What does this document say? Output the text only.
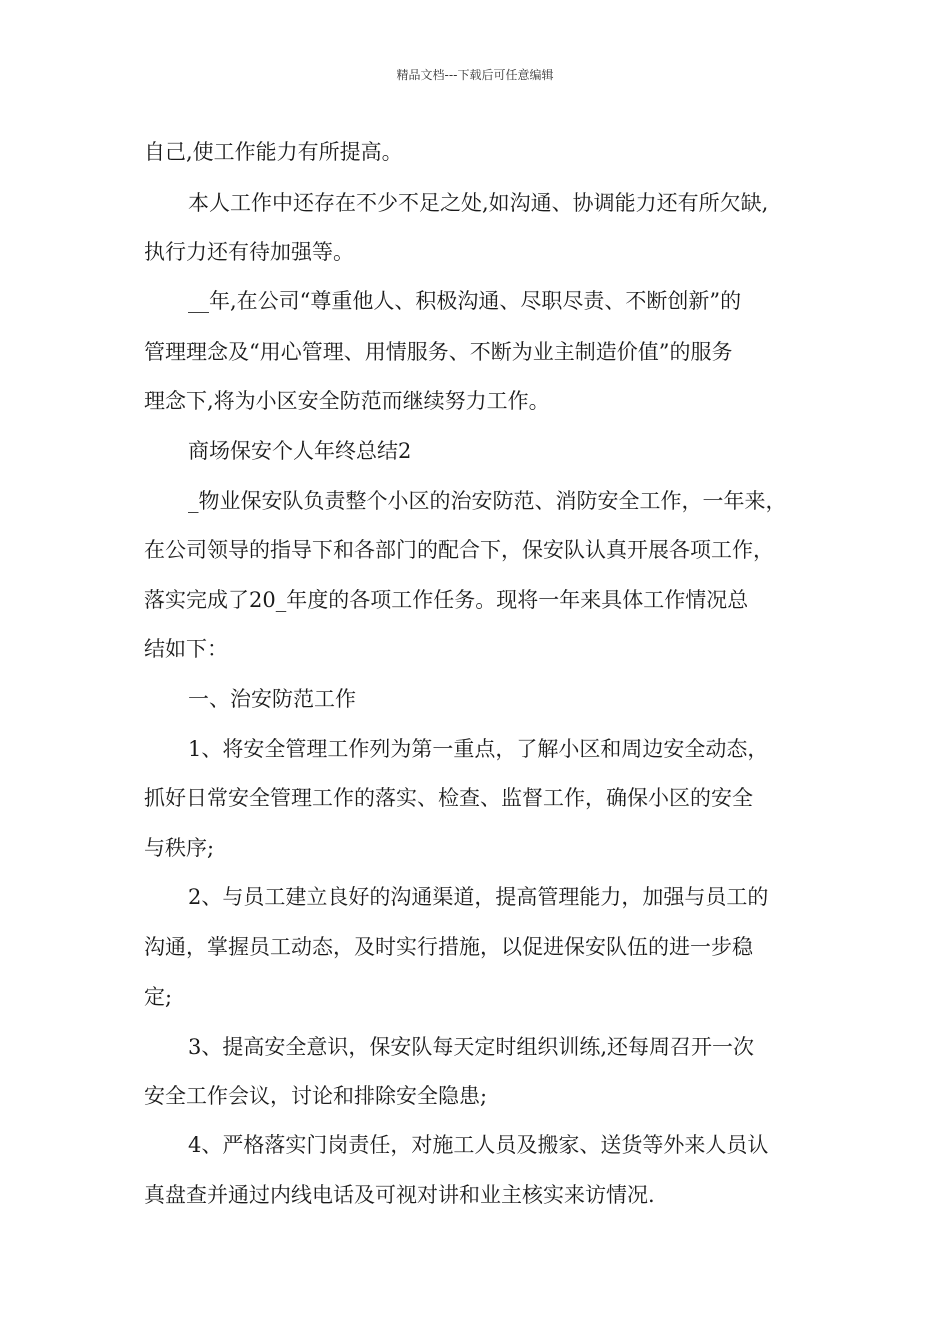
精品文档---下载后可任意编辑
自己,使工作能力有所提高。
本人工作中还存在不少不足之处,如沟通、协调能力还有所欠缺,
执行力还有待加强等。
__年,在公司“尊重他人、积极沟通、尽职尽责、不断创新”的
管理理念及“用心管理、用情服务、不断为业主制造价值”的服务
理念下,将为小区安全防范而继续努力工作。
商场保安个人年终总结2
_物业保安队负责整个小区的治安防范、消防安全工作，一年来，
在公司领导的指导下和各部门的配合下，保安队认真开展各项工作，
落实完成了20_年度的各项工作任务。现将一年来具体工作情况总
结如下：
一、治安防范工作
1、将安全管理工作列为第一重点，了解小区和周边安全动态，
抓好日常安全管理工作的落实、检查、监督工作，确保小区的安全
与秩序;
2、与员工建立良好的沟通渠道，提高管理能力，加强与员工的
沟通，掌握员工动态，及时实行措施，以促进保安队伍的进一步稳
定;
3、提高安全意识，保安队每天定时组织训练,还每周召开一次
安全工作会议，讨论和排除安全隐患;
4、严格落实门岗责任，对施工人员及搬家、送货等外来人员认
真盘查并通过内线电话及可视对讲和业主核实来访情况.
